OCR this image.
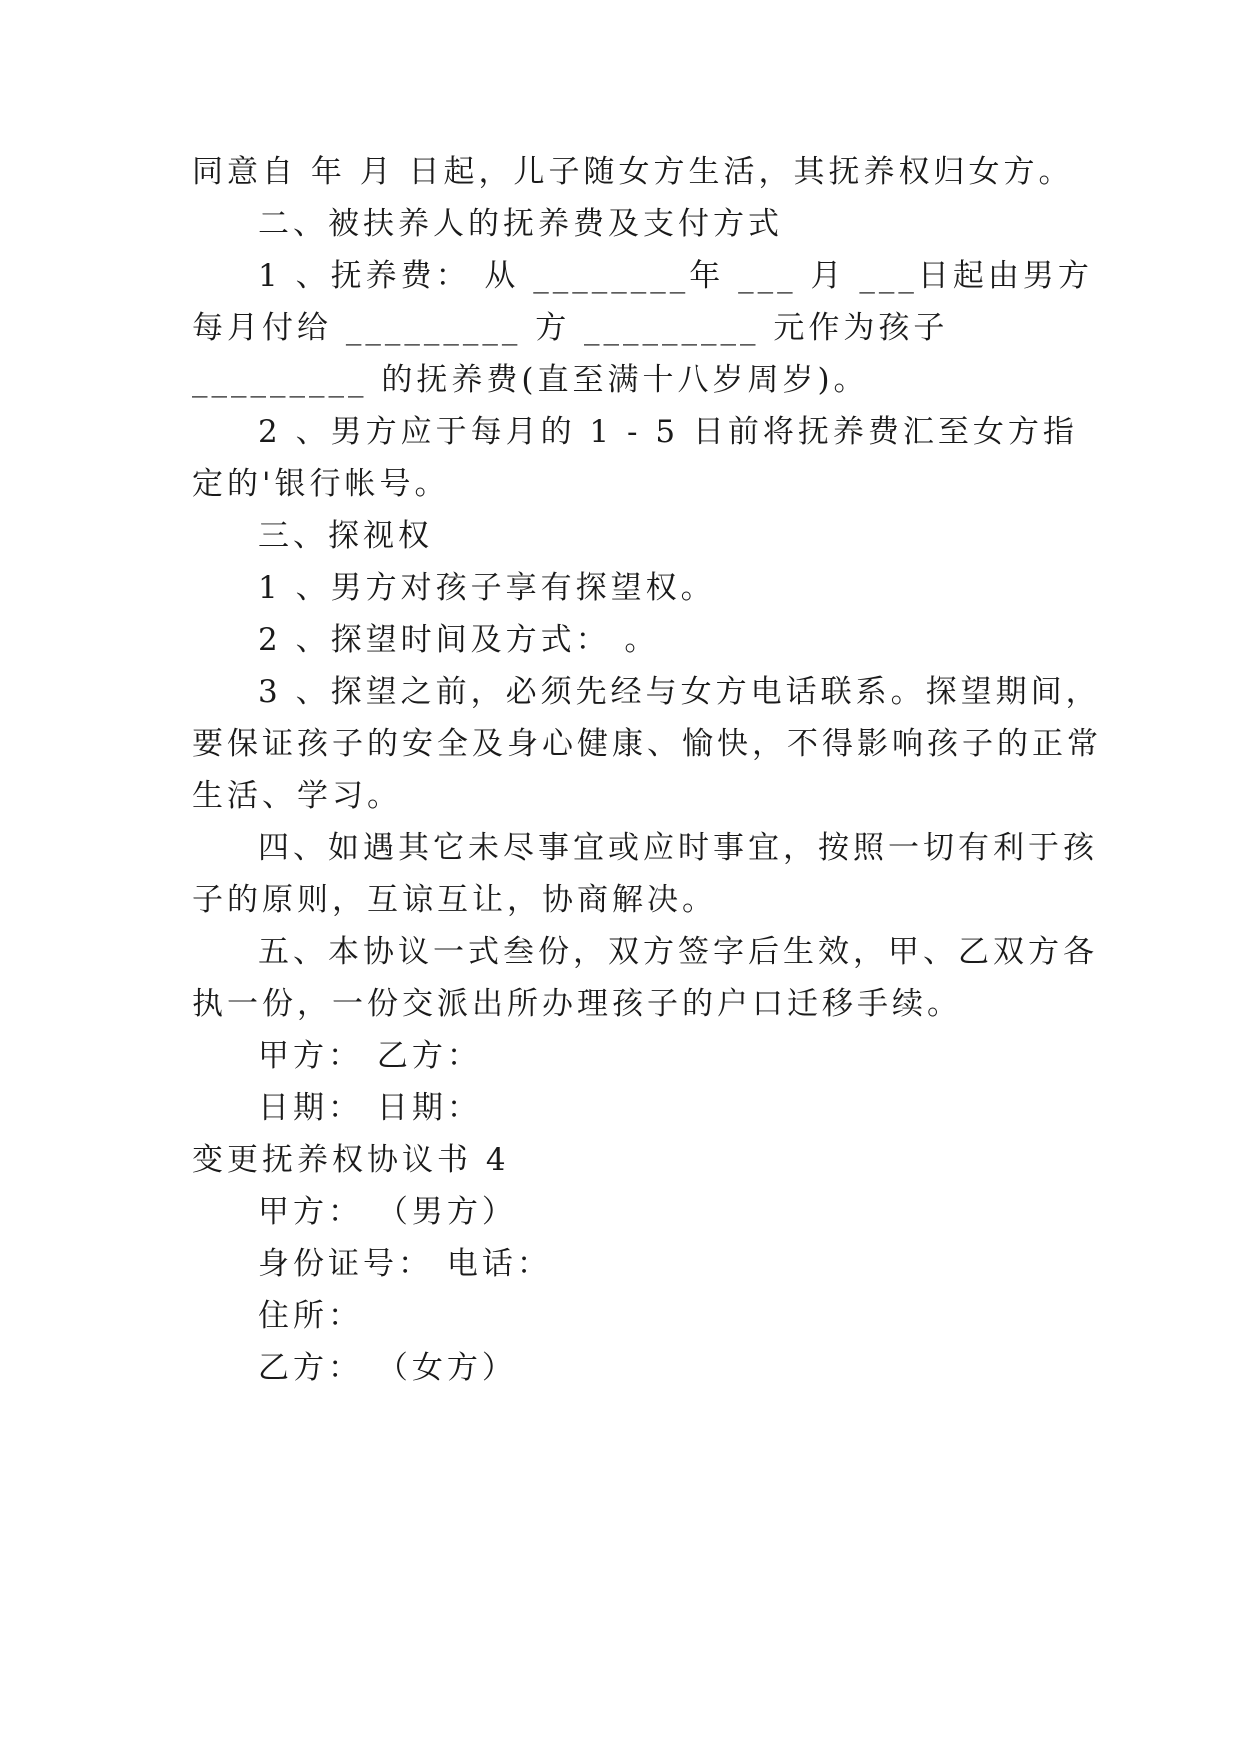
同意自 年 月 日起，儿子随女方生活，其抚养权归女方。
二、被扶养人的抚养费及支付方式
1 、抚养费： 从 ________年 ___ 月 ___日起由男方
每月付给 _________ 方 _________ 元作为孩子
_________ 的抚养费(直至满十八岁周岁)。
2 、男方应于每月的 1 - 5 日前将抚养费汇至女方指
定的'银行帐号。
三、探视权
1 、男方对孩子享有探望权。
2 、探望时间及方式： 。
3 、探望之前，必须先经与女方电话联系。探望期间，
要保证孩子的安全及身心健康、愉快，不得影响孩子的正常
生活、学习。
四、如遇其它未尽事宜或应时事宜，按照一切有利于孩
子的原则，互谅互让，协商解决。
五、本协议一式叁份，双方签字后生效，甲、乙双方各
执一份，一份交派出所办理孩子的户口迁移手续。
甲方： 乙方：
日期： 日期：
变更抚养权协议书 4
甲方： （男方）
身份证号： 电话：
住所：
乙方： （女方）
